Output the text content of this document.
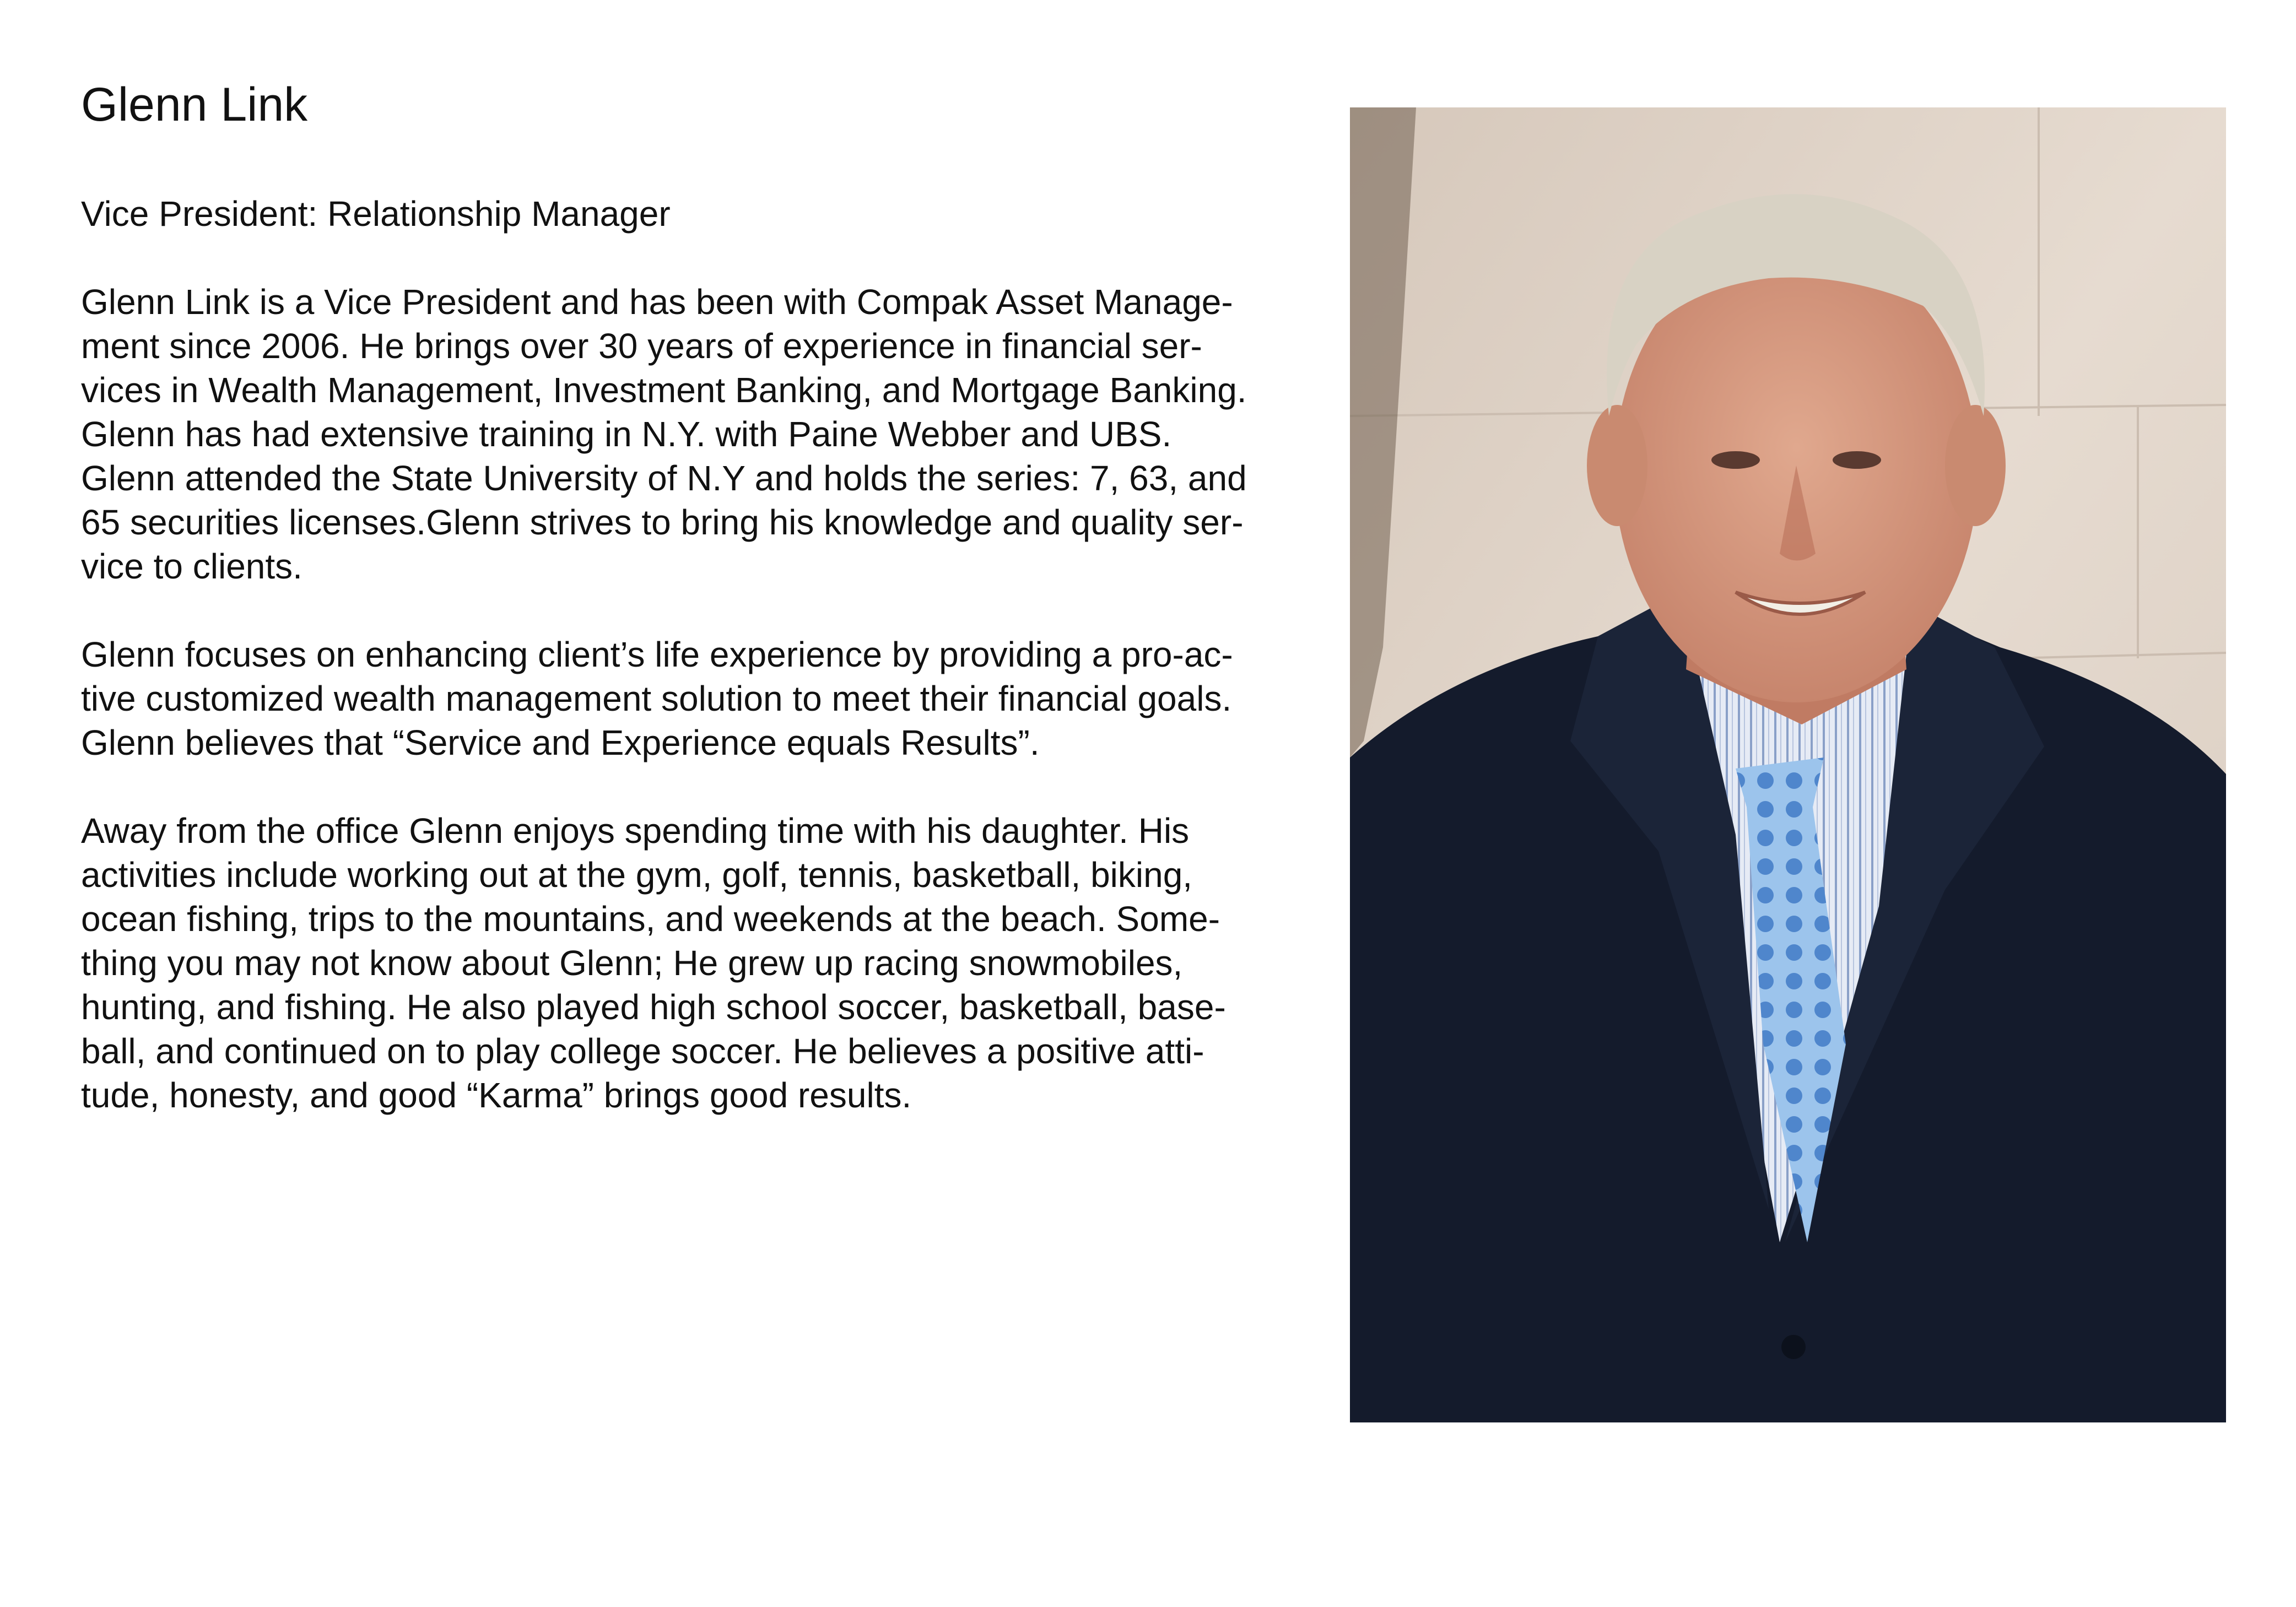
Glenn Link
Vice President: Relationship Manager
Glenn Link is a Vice President and has been with Compak Asset Manage-
ment since 2006. He brings over 30 years of experience in financial ser-
vices in Wealth Management, Investment Banking, and Mortgage Banking.
Glenn has had extensive training in N.Y. with Paine Webber and UBS.
Glenn attended the State University of N.Y and holds the series: 7, 63, and
65 securities licenses.Glenn strives to bring his knowledge and quality ser-
vice to clients.
Glenn focuses on enhancing client’s life experience by providing a pro-ac-
tive customized wealth management solution to meet their financial goals.
Glenn believes that “Service and Experience equals Results”.
Away from the office Glenn enjoys spending time with his daughter. His
activities include working out at the gym, golf, tennis, basketball, biking,
ocean fishing, trips to the mountains, and weekends at the beach. Some-
thing you may not know about Glenn; He grew up racing snowmobiles,
hunting, and fishing. He also played high school soccer, basketball, base-
ball, and continued on to play college soccer. He believes a positive atti-
tude, honesty, and good “Karma” brings good results.
